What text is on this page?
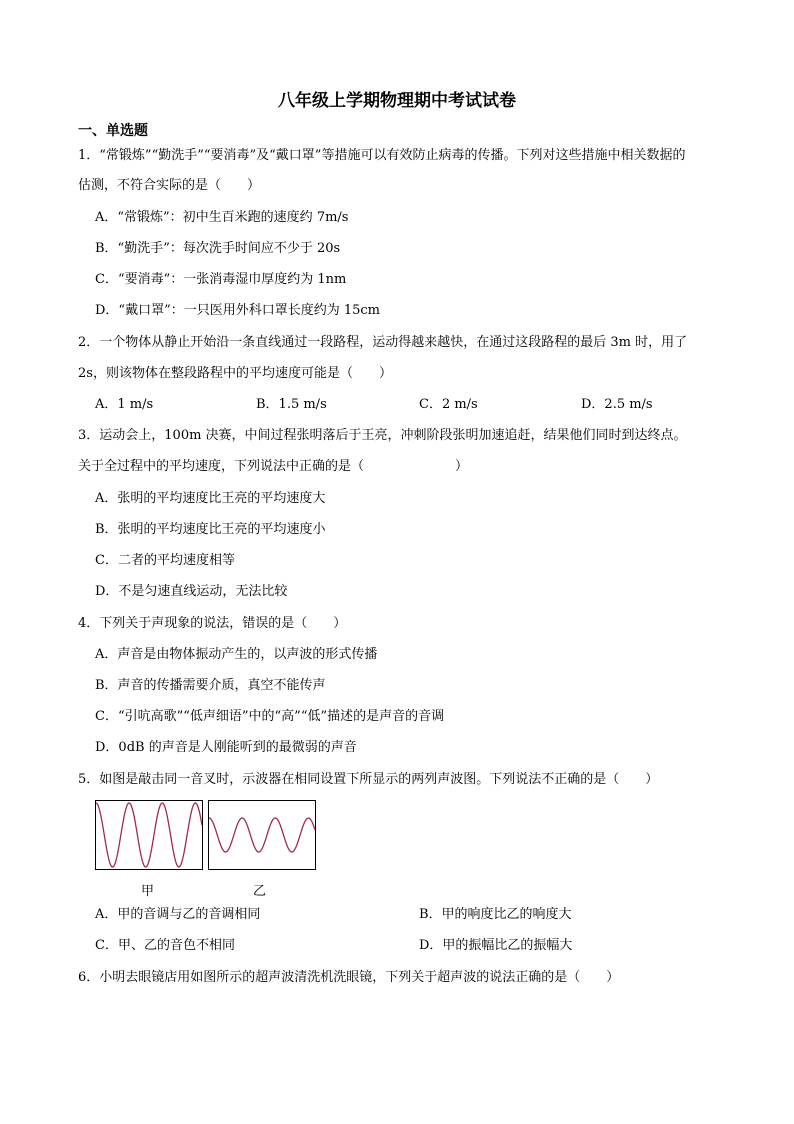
八年级上学期物理期中考试试卷
一、单选题
1．“常锻炼”“勤洗手”“要消毒”及“戴口罩”等措施可以有效防止病毒的传播。下列对这些措施中相关数据的
估测，不符合实际的是（　　）
A．“常锻炼”：初中生百米跑的速度约 7m/s
B．“勤洗手”：每次洗手时间应不少于 20s
C．“要消毒”：一张消毒湿巾厚度约为 1nm
D．“戴口罩”：一只医用外科口罩长度约为 15cm
2．一个物体从静止开始沿一条直线通过一段路程，运动得越来越快，在通过这段路程的最后 3m 时，用了
2s，则该物体在整段路程中的平均速度可能是（　　）
A．1 m/s	B．1.5 m/s	C．2 m/s	D．2.5 m/s
3．运动会上，100m 决赛，中间过程张明落后于王亮，冲刺阶段张明加速追赶，结果他们同时到达终点。
关于全过程中的平均速度，下列说法中正确的是（　　　　　　　）
A．张明的平均速度比王亮的平均速度大
B．张明的平均速度比王亮的平均速度小
C．二者的平均速度相等
D．不是匀速直线运动，无法比较
4．下列关于声现象的说法，错误的是（　　）
A．声音是由物体振动产生的，以声波的形式传播
B．声音的传播需要介质，真空不能传声
C．“引吭高歌”“低声细语”中的“高”“低”描述的是声音的音调
D．0dB 的声音是人刚能听到的最微弱的声音
5．如图是敲击同一音叉时，示波器在相同设置下所显示的两列声波图。下列说法不正确的是（　　）
甲	乙
A．甲的音调与乙的音调相同	B．甲的响度比乙的响度大
C．甲、乙的音色不相同	D．甲的振幅比乙的振幅大
6．小明去眼镜店用如图所示的超声波清洗机洗眼镜，下列关于超声波的说法正确的是（　　）
